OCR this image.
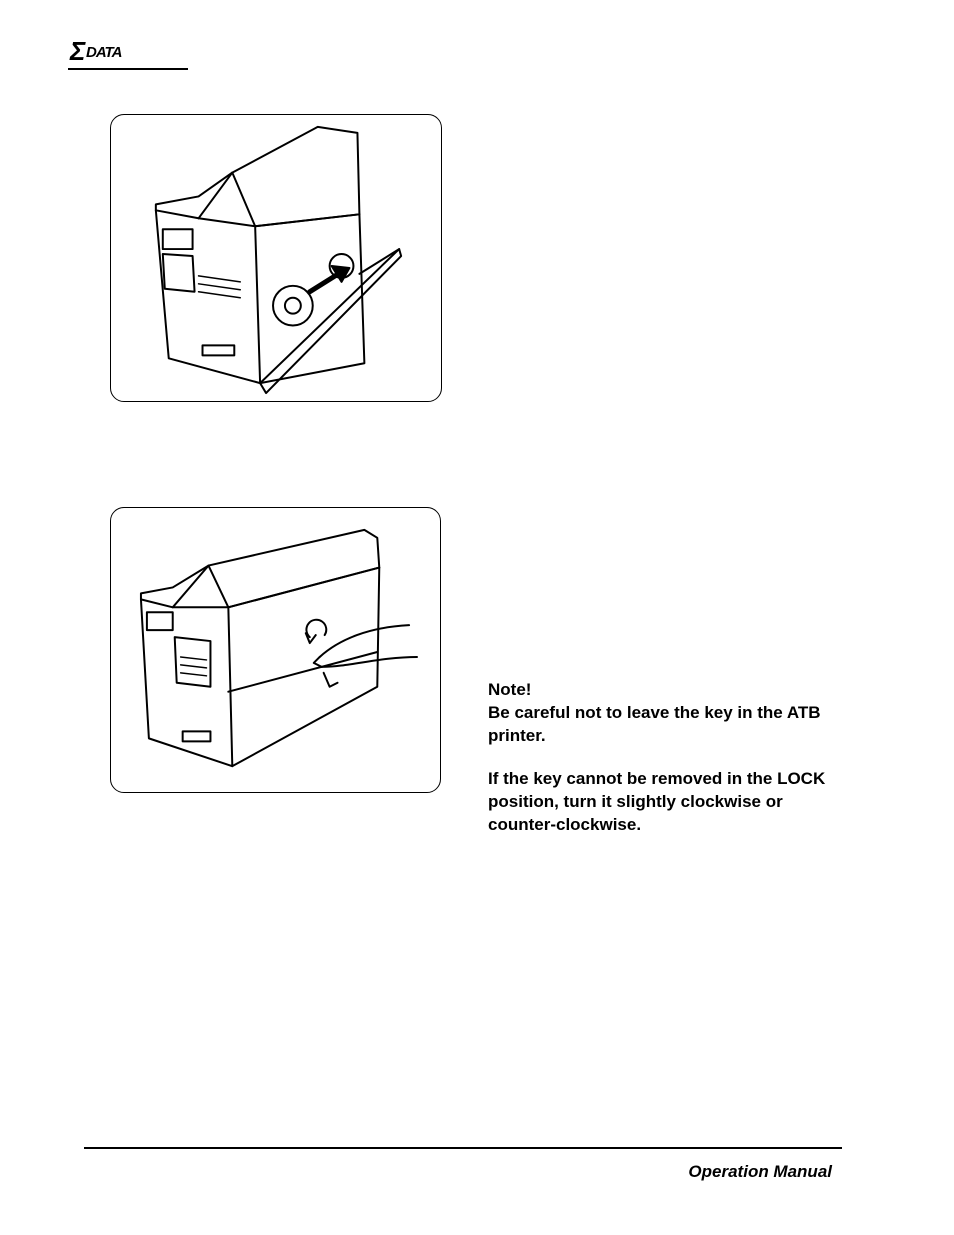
Σ DATA

Note!

Be careful not to leave the key in the ATB printer.

If the key cannot be removed in the LOCK position, turn it slightly clockwise or counter-clockwise.

Operation Manual
